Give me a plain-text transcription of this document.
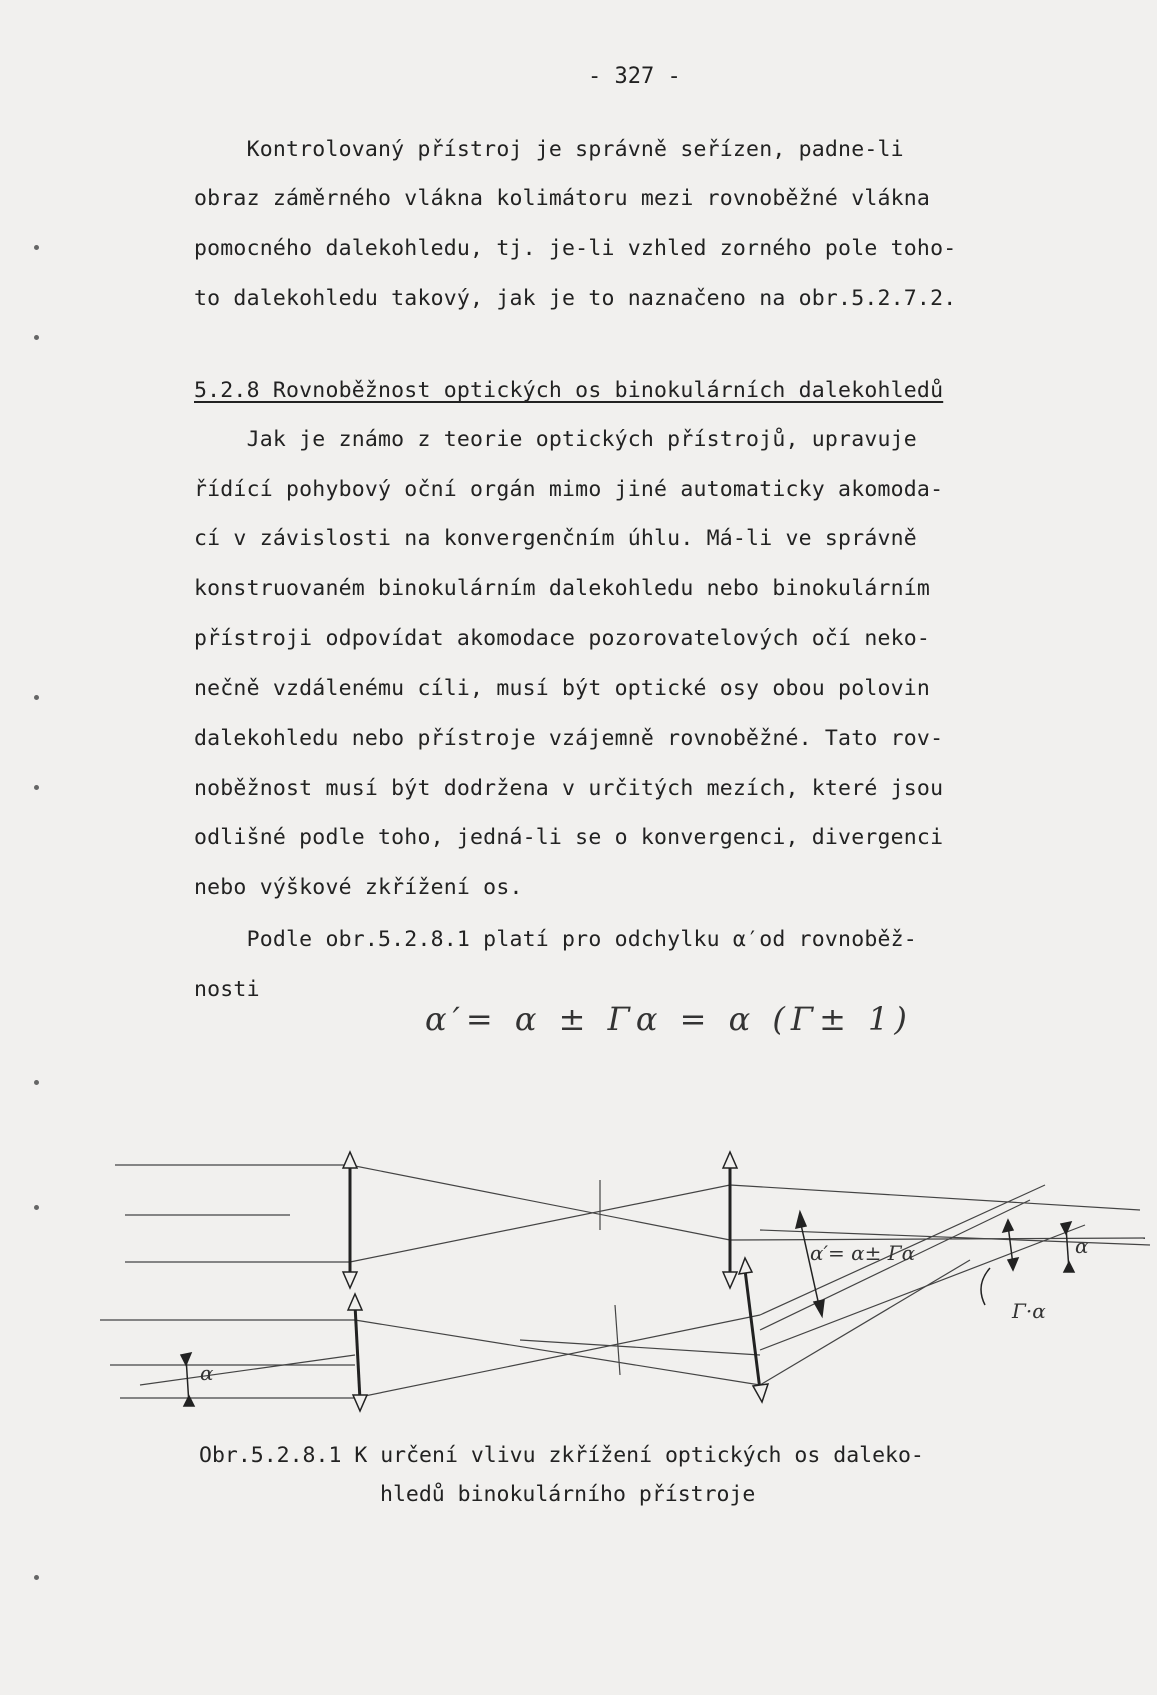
- 327 -
Kontrolovaný přístroj je správně seřízen, padne-li
obraz záměrného vlákna kolimátoru mezi rovnoběžné vlákna
pomocného dalekohledu, tj. je-li vzhled zorného pole toho-
to dalekohledu takový, jak je to naznačeno na obr.5.2.7.2.
5.2.8 Rovnoběžnost optických os binokulárních dalekohledů
Jak je známo z teorie optických přístrojů, upravuje
řídící pohybový oční orgán mimo jiné automaticky akomoda-
cí v závislosti na konvergenčním úhlu. Má-li ve správně
konstruovaném binokulárním dalekohledu nebo binokulárním
přístroji odpovídat akomodace pozorovatelových očí neko-
nečně vzdálenému cíli, musí být optické osy obou polovin
dalekohledu nebo přístroje vzájemně rovnoběžné. Tato rov-
noběžnost musí být dodržena v určitých mezích, které jsou
odlišné podle toho, jedná-li se o konvergenci, divergenci
nebo výškové zkřížení os.
Podle obr.5.2.8.1 platí pro odchylku α′od rovnoběž-
nosti
α′= α ± Γα = α (Γ± 1)
α′= α± Γα
Γ·α
α
α
Obr.5.2.8.1 K určení vlivu zkřížení optických os daleko-
hledů binokulárního přístroje
